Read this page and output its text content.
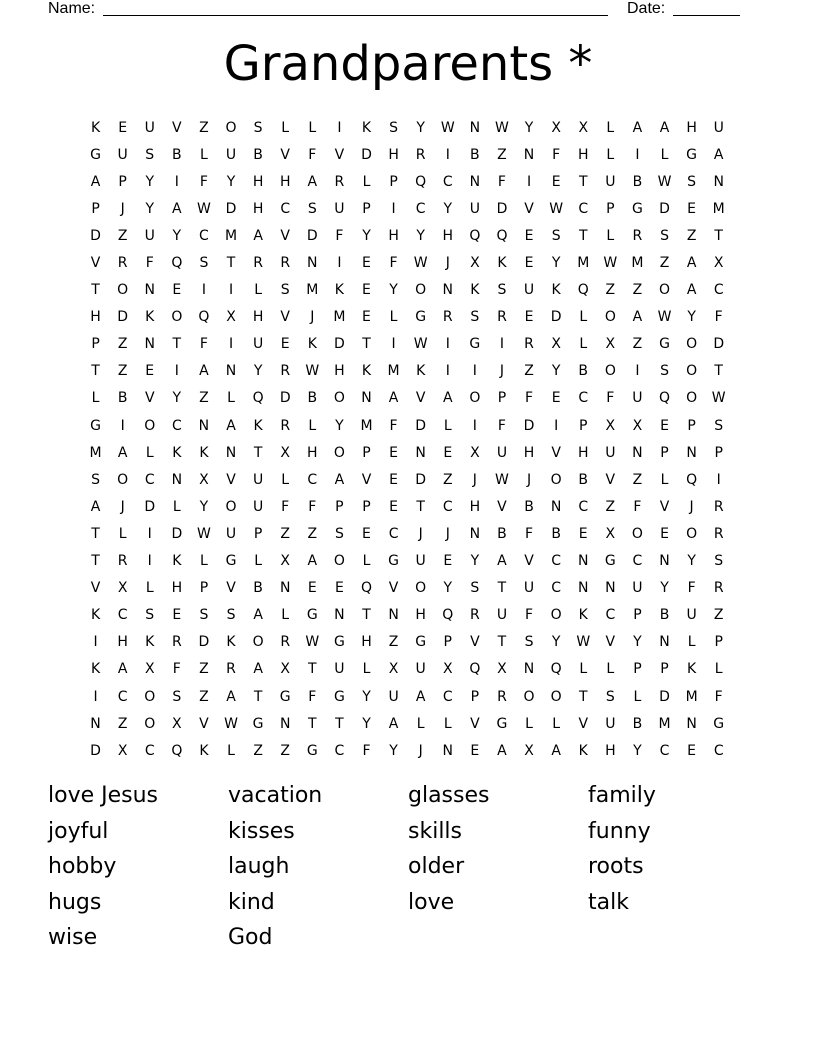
Name:	Date:
Grandparents *
K	E	U	V	Z	O	S	L	L	I	K	S	Y	W	N	W	Y	X	X	L	A	A	H	U
G	U	S	B	L	U	B	V	F	V	D	H	R	I	B	Z	N	F	H	L	I	L	G	A
A	P	Y	I	F	Y	H	H	A	R	L	P	Q	C	N	F	I	E	T	U	B	W	S	N
P	J	Y	A	W	D	H	C	S	U	P	I	C	Y	U	D	V	W	C	P	G	D	E	M
D	Z	U	Y	C	M	A	V	D	F	Y	H	Y	H	Q	Q	E	S	T	L	R	S	Z	T
V	R	F	Q	S	T	R	R	N	I	E	F	W	J	X	K	E	Y	M	W	M	Z	A	X
T	O	N	E	I	I	L	S	M	K	E	Y	O	N	K	S	U	K	Q	Z	Z	O	A	C
H	D	K	O	Q	X	H	V	J	M	E	L	G	R	S	R	E	D	L	O	A	W	Y	F
P	Z	N	T	F	I	U	E	K	D	T	I	W	I	G	I	R	X	L	X	Z	G	O	D
T	Z	E	I	A	N	Y	R	W	H	K	M	K	I	I	J	Z	Y	B	O	I	S	O	T
L	B	V	Y	Z	L	Q	D	B	O	N	A	V	A	O	P	F	E	C	F	U	Q	O	W
G	I	O	C	N	A	K	R	L	Y	M	F	D	L	I	F	D	I	P	X	X	E	P	S
M	A	L	K	K	N	T	X	H	O	P	E	N	E	X	U	H	V	H	U	N	P	N	P
S	O	C	N	X	V	U	L	C	A	V	E	D	Z	J	W	J	O	B	V	Z	L	Q	I
A	J	D	L	Y	O	U	F	F	P	P	E	T	C	H	V	B	N	C	Z	F	V	J	R
T	L	I	D	W	U	P	Z	Z	S	E	C	J	J	N	B	F	B	E	X	O	E	O	R
T	R	I	K	L	G	L	X	A	O	L	G	U	E	Y	A	V	C	N	G	C	N	Y	S
V	X	L	H	P	V	B	N	E	E	Q	V	O	Y	S	T	U	C	N	N	U	Y	F	R
K	C	S	E	S	S	A	L	G	N	T	N	H	Q	R	U	F	O	K	C	P	B	U	Z
I	H	K	R	D	K	O	R	W	G	H	Z	G	P	V	T	S	Y	W	V	Y	N	L	P
K	A	X	F	Z	R	A	X	T	U	L	X	U	X	Q	X	N	Q	L	L	P	P	K	L
I	C	O	S	Z	A	T	G	F	G	Y	U	A	C	P	R	O	O	T	S	L	D	M	F
N	Z	O	X	V	W	G	N	T	T	Y	A	L	L	V	G	L	L	V	U	B	M	N	G
D	X	C	Q	K	L	Z	Z	G	C	F	Y	J	N	E	A	X	A	K	H	Y	C	E	C
love Jesus	vacation	glasses	family
joyful	kisses	skills	funny
hobby	laugh	older	roots
hugs	kind	love	talk
wise	God
